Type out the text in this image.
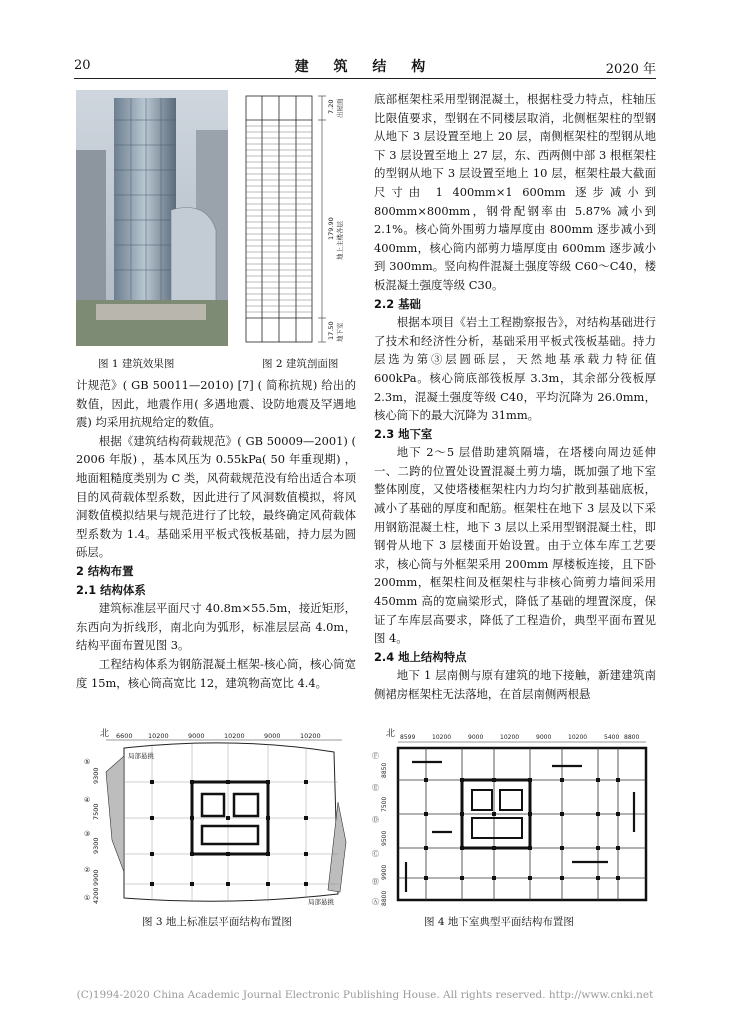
20	建 筑 结 构	2020 年
图 1 建筑效果图
7.20 出屋面
179.90 地上主楼各层
17.50 地下室
图 2 建筑剖面图

计规范》( GB 50011—2010) [7] ( 简称抗规) 给出的数值，因此，地震作用( 多遇地震、设防地震及罕遇地震) 均采用抗规给定的数值。

根据《建筑结构荷载规范》( GB 50009—2001) ( 2006 年版) ，基本风压为 0.55kPa( 50 年重现期) ，地面粗糙度类别为 C 类，风荷载规范没有给出适合本项目的风荷载体型系数，因此进行了风洞数值模拟，将风洞数值模拟结果与规范进行了比较，最终确定风荷载体型系数为 1.4。基础采用平板式筏板基础，持力层为圆砾层。

2 结构布置

2.1 结构体系

建筑标准层平面尺寸 40.8m×55.5m，接近矩形，东西向为折线形，南北向为弧形，标准层层高 4.0m，结构平面布置见图 3。

工程结构体系为钢筋混凝土框架-核心筒，核心筒宽度 15m，核心筒高宽比 12，建筑物高宽比 4.4。

底部框架柱采用型钢混凝土，根据柱受力特点，柱轴压比限值要求，型钢在不同楼层取消，北侧框架柱的型钢从地下 3 层设置至地上 20 层，南侧框架柱的型钢从地下 3 层设置至地上 27 层，东、西两侧中部 3 根框架柱的型钢从地下 3 层设置至地上 10 层，框架柱最大截面尺寸由 1 400mm×1 600mm 逐步减小到 800mm×800mm，钢骨配钢率由 5.87% 减小到 2.1%。核心筒外围剪力墙厚度由 800mm 逐步减小到 400mm，核心筒内部剪力墙厚度由 600mm 逐步减小到 300mm。竖向构件混凝土强度等级 C60～C40，楼板混凝土强度等级 C30。

2.2 基础

根据本项目《岩土工程勘察报告》，对结构基础进行了技术和经济性分析，基础采用平板式筏板基础。持力层选为第③层圆砾层，天然地基承载力特征值 600kPa。核心筒底部筏板厚 3.3m，其余部分筏板厚 2.3m，混凝土强度等级 C40，平均沉降为 26.0mm，核心筒下的最大沉降为 31mm。

2.3 地下室

地下 2～5 层借助建筑隔墙，在塔楼向周边延伸一、二跨的位置处设置混凝土剪力墙，既加强了地下室整体刚度，又使塔楼框架柱内力均匀扩散到基础底板，减小了基础的厚度和配筋。框架柱在地下 3 层及以下采用钢筋混凝土柱，地下 3 层以上采用型钢混凝土柱，即钢骨从地下 3 层楼面开始设置。由于立体车库工艺要求，核心筒与外框架采用 200mm 厚楼板连接，且下卧 200mm，框架柱间及框架柱与非核心筒剪力墙间采用 450mm 高的宽扁梁形式，降低了基础的埋置深度，保证了车库层高要求，降低了工程造价，典型平面布置见图 4。

2.4 地上结构特点

地下 1 层南侧与原有建筑的地下接触，新建建筑南侧裙房框架柱无法落地，在首层南侧两根悬

北 6600 10200	9000	10200	9000	10200
9300
7500
9300
9900
4200
⑤
④
③
②
①
局部悬挑
局部悬挑
图 3 地上标准层平面结构布置图
北 8599	10200	9000	10200	9000	10200	5400 8800
8850
7500
9500
9900
8800
Ⓕ
Ⓔ
Ⓓ
Ⓒ
Ⓑ
Ⓐ
图 4 地下室典型平面结构布置图
(C)1994-2020 China Academic Journal Electronic Publishing House. All rights reserved. http://www.cnki.net
